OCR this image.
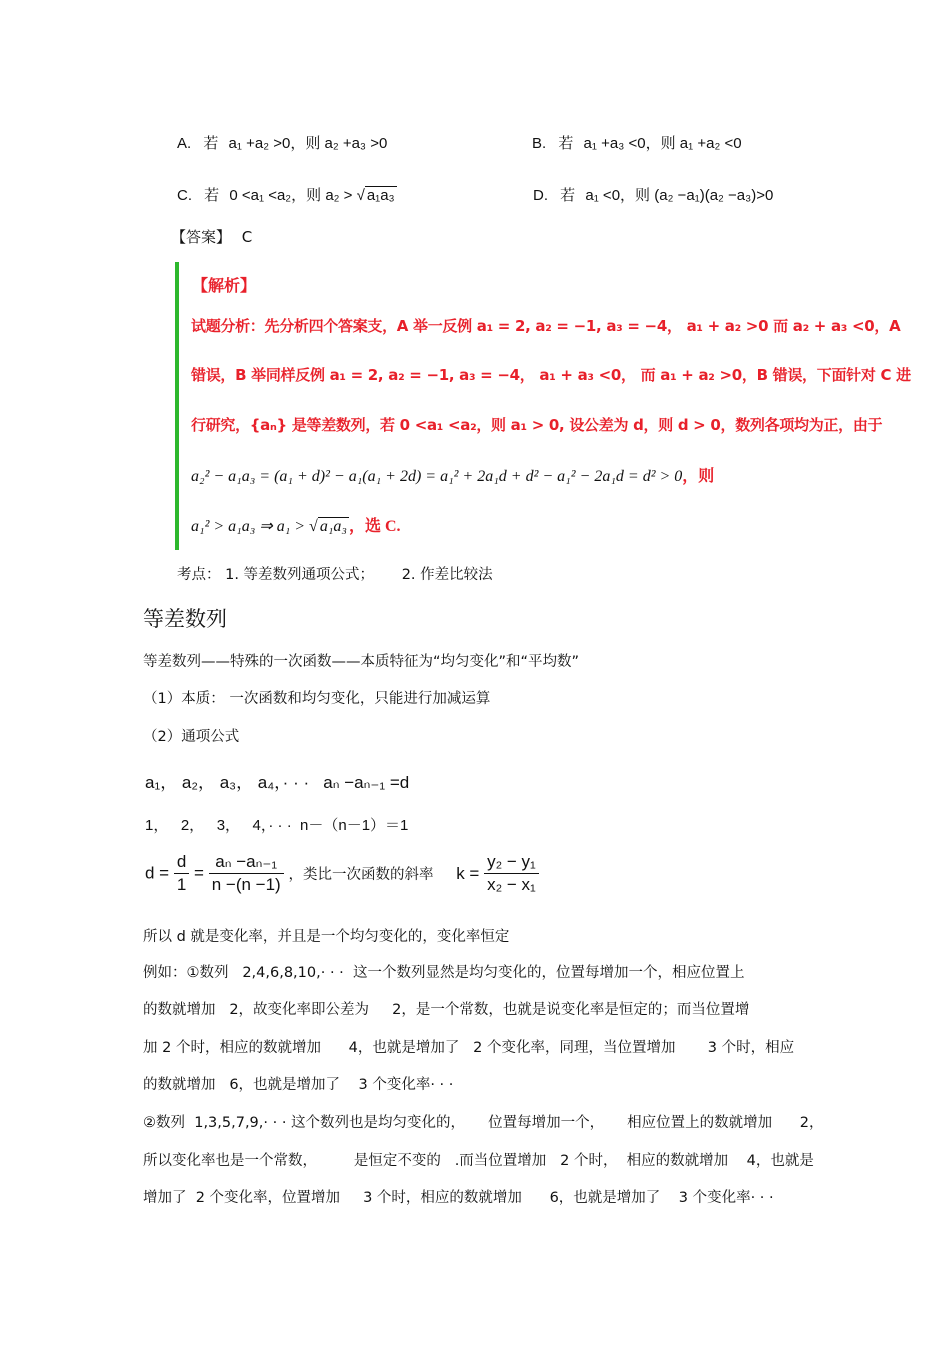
A. 若 a₁ +a₂ >0，则 a₂ +a₃ >0	B. 若 a₁ +a₃ <0，则 a₁ +a₂ <0
C. 若 0 <a₁ <a₂，则 a₂ > √ a₁a₃	D. 若 a₁ <0，则 (a₂ −a₁)(a₂ −a₃)>0
【答案】 C
【解析】
试题分析：先分析四个答案支，A 举一反例 a₁ = 2, a₂ = −1, a₃ = −4， a₁ + a₂ >0 而 a₂ + a₃ <0，A
错误，B 举同样反例 a₁ = 2, a₂ = −1, a₃ = −4， a₁ + a₃ <0， 而 a₁ + a₂ >0，B 错误，下面针对 C 进
行研究，{aₙ} 是等差数列，若 0 <a₁ <a₂，则 a₁ > 0, 设公差为 d，则 d > 0，数列各项均为正，由于
a₂² − a₁a₃ = (a₁ + d)² − a₁(a₁ + 2d) = a₁² + 2a₁d + d² − a₁² − 2a₁d = d² > 0，则
a₁² > a₁a₃ ⇒ a₁ > √ a₁a₃ ，选 C.
考点： 1. 等差数列通项公式；      2. 作差比较法
等差数列
等差数列——特殊的一次函数——本质特征为“均匀变化”和“平均数”
（1）本质： 一次函数和均匀变化，只能进行加减运算
（2）通项公式
a₁， a₂， a₃， a₄，· · ·   aₙ −aₙ₋₁ =d
1，   2，   3，   4，· · ·  n－（n－1）＝1
$d = \frac{d}{1} = \frac{\text{aₙ −aₙ₋₁}}{n -(n -1)}$ ，类比一次函数的斜率 $k = \frac{\text{y₂ − y₁}}{\text{x₂ − x₁}}$
所以 d 就是变化率，并且是一个均匀变化的，变化率恒定
例如：①数列   2,4,6,8,10,· · ·  这一个数列显然是均匀变化的，位置每增加一个，相应位置上
的数就增加   2，故变化率即公差为     2，是一个常数，也就是说变化率是恒定的；而当位置增
加 2 个时，相应的数就增加      4，也就是增加了   2 个变化率，同理，当位置增加       3 个时，相应
的数就增加   6，也就是增加了    3 个变化率· · ·
②数列  1,3,5,7,9,· · · 这个数列也是均匀变化的，     位置每增加一个，     相应位置上的数就增加      2，
所以变化率也是一个常数，        是恒定不变的   .而当位置增加   2 个时，  相应的数就增加    4，也就是
增加了  2 个变化率，位置增加     3 个时，相应的数就增加      6，也就是增加了    3 个变化率· · ·
